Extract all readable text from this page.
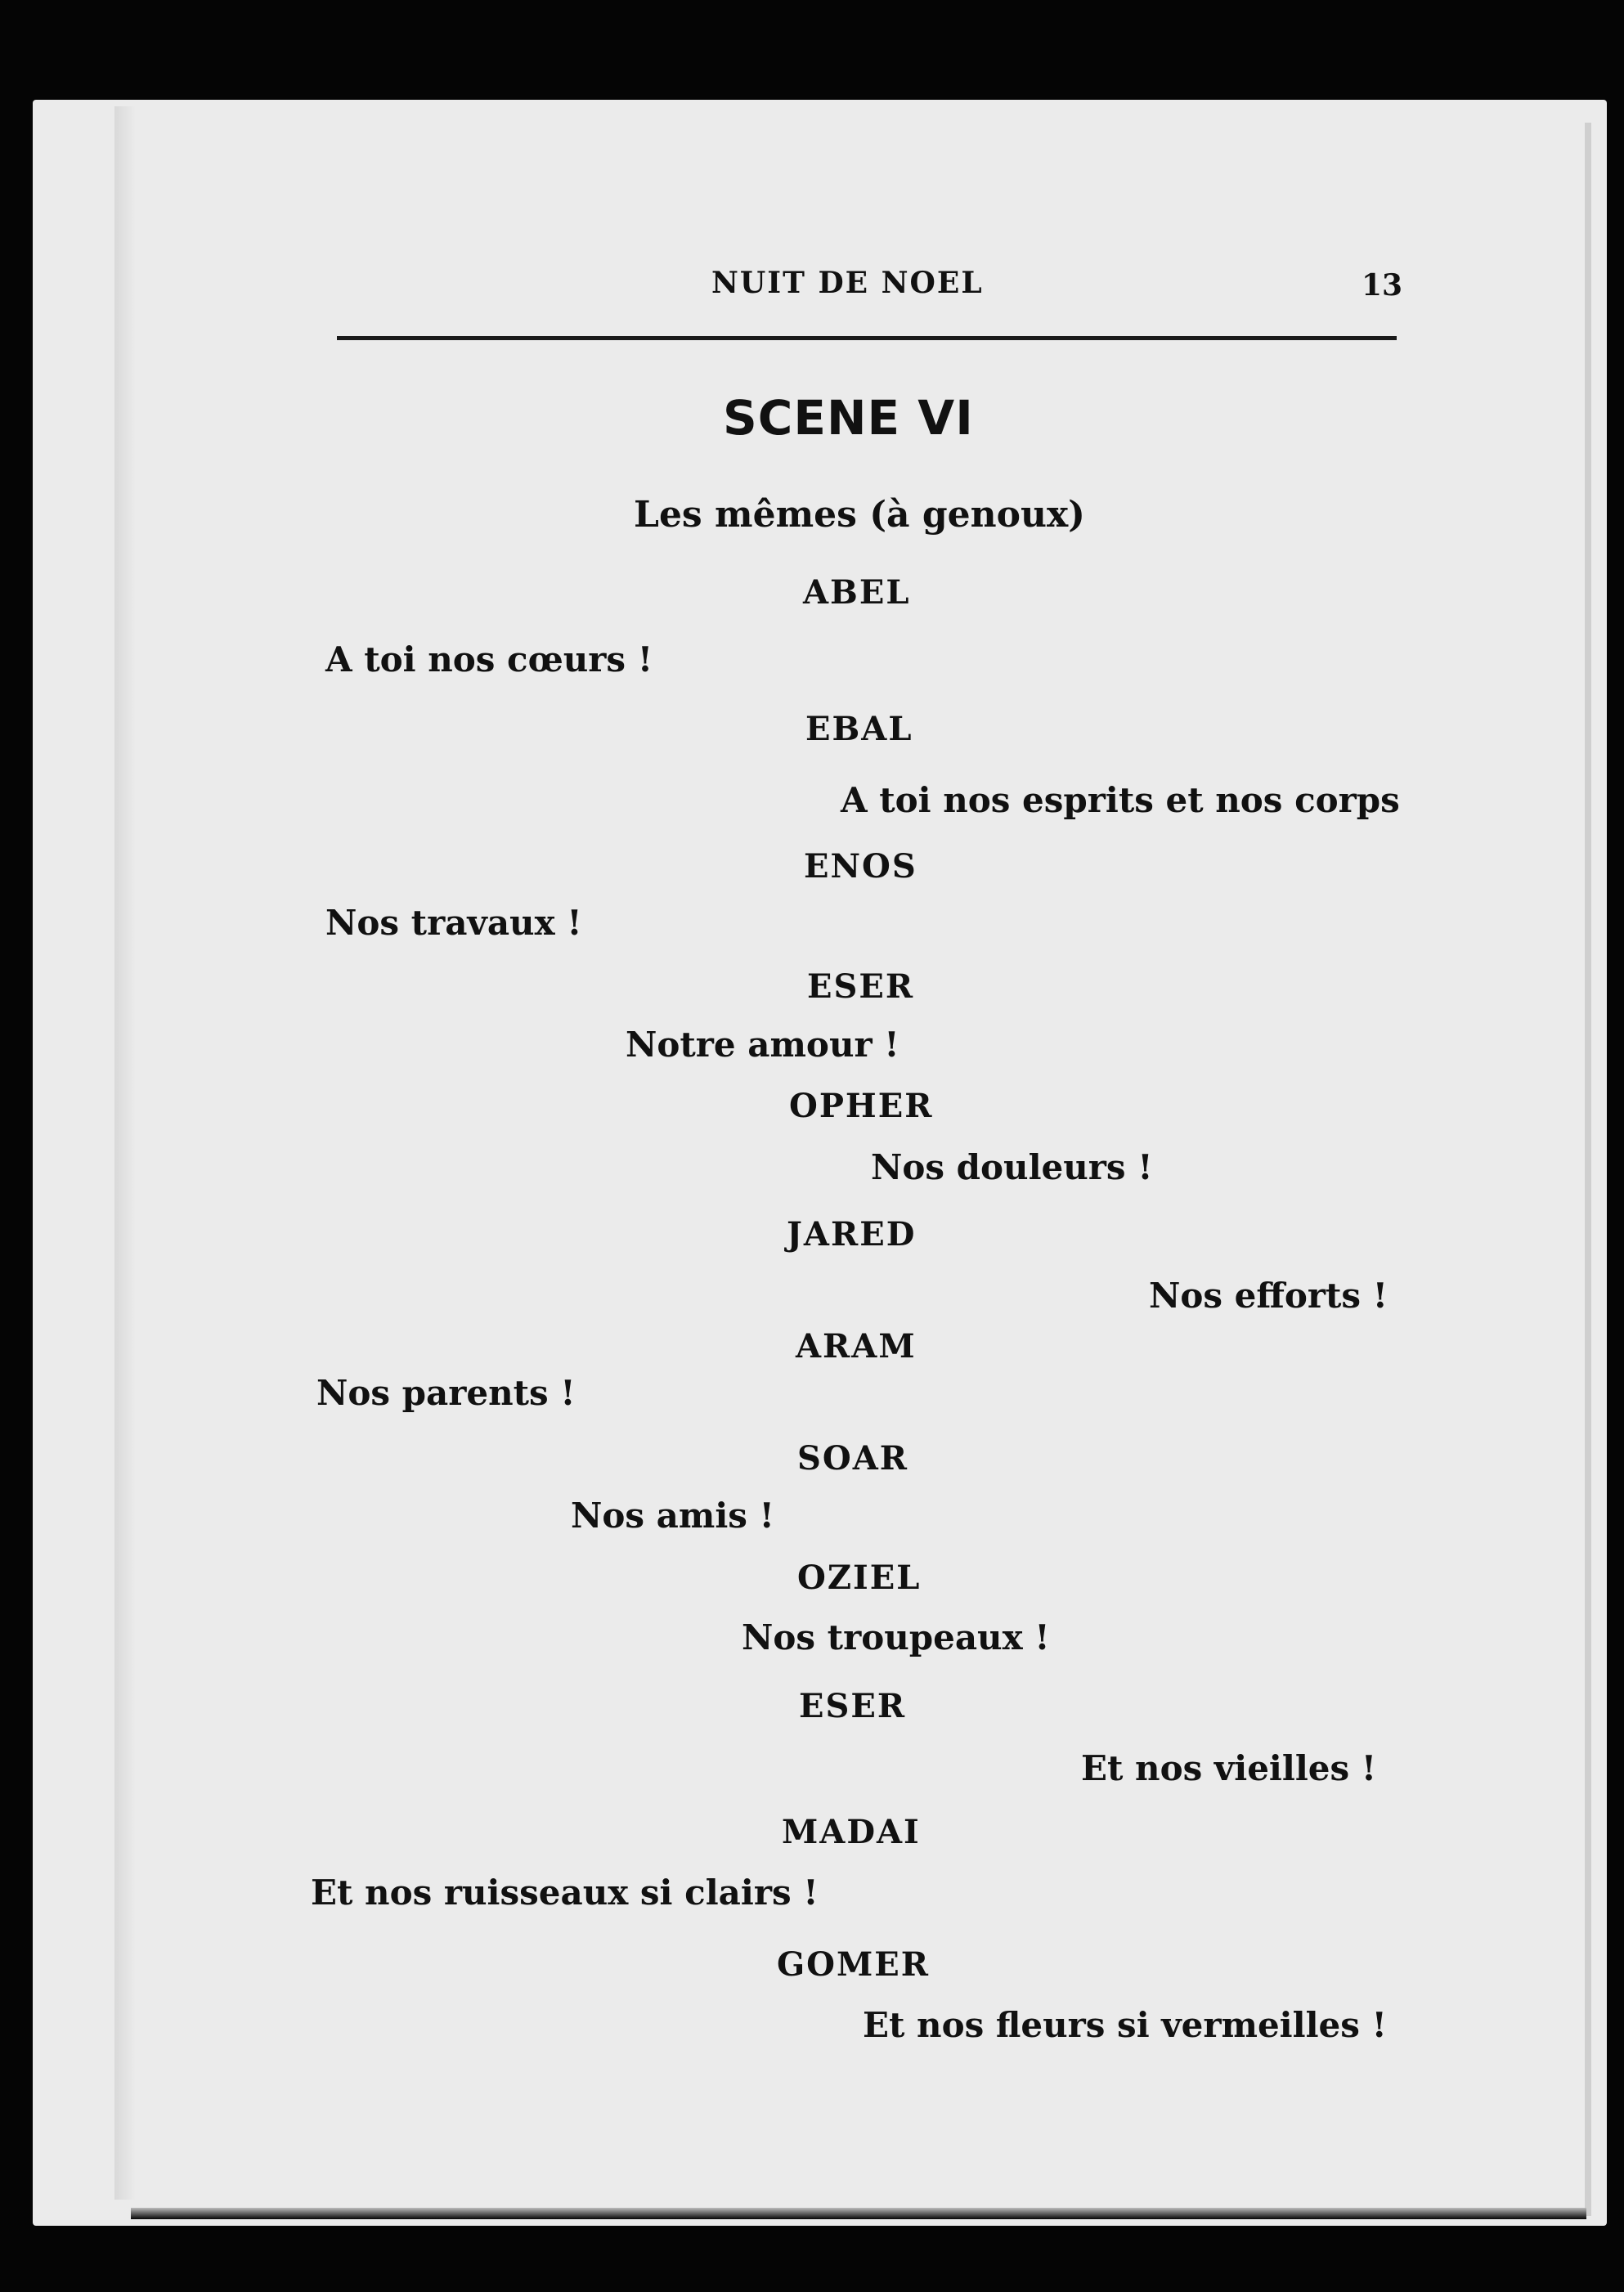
NUIT DE NOEL	13
SCENE VI
Les mêmes (à genoux)
ABEL
A toi nos cœurs !
EBAL
A toi nos esprits et nos corps
ENOS
Nos travaux !
ESER
Notre amour !
OPHER
Nos douleurs !
JARED
Nos efforts !
ARAM
Nos parents !
SOAR
Nos amis !
OZIEL
Nos troupeaux !
ESER
Et nos vieilles !
MADAI
Et nos ruisseaux si clairs !
GOMER
Et nos fleurs si vermeilles !
